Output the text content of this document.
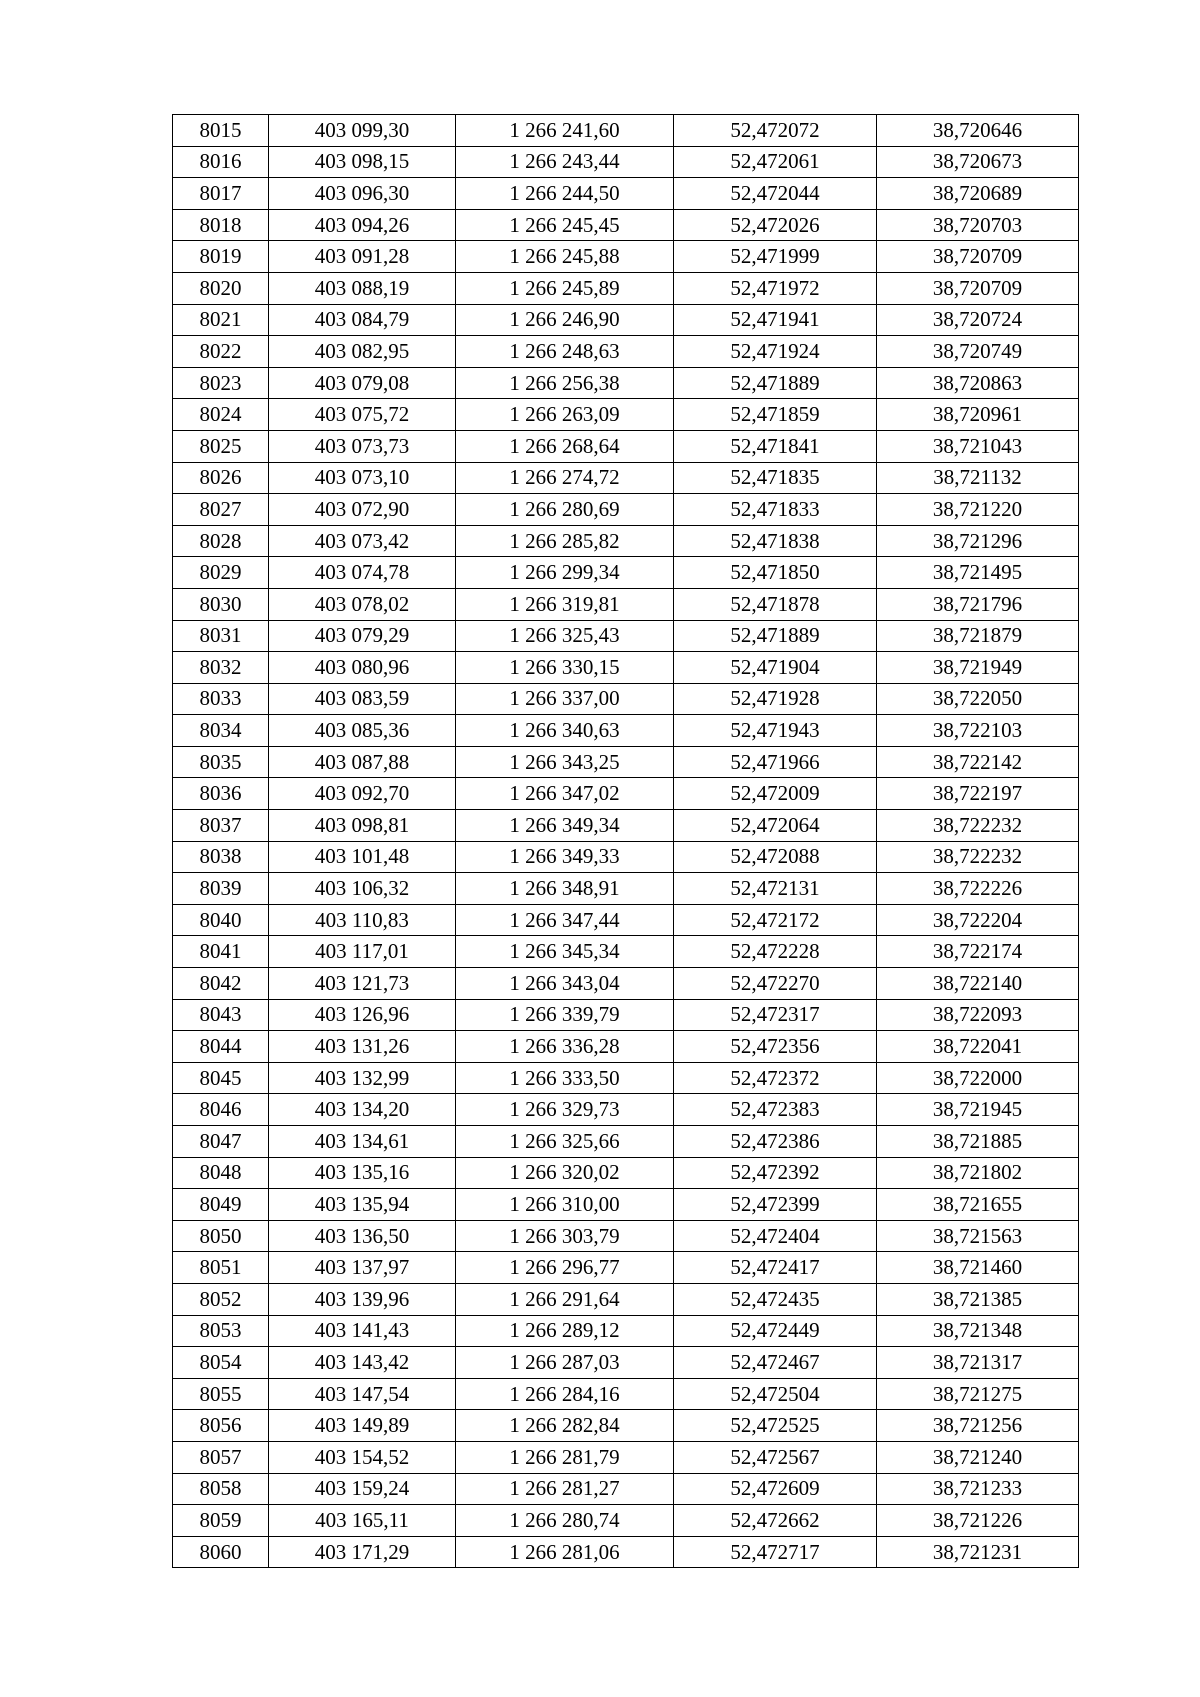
8015	403 099,30	1 266 241,60	52,472072	38,720646
8016	403 098,15	1 266 243,44	52,472061	38,720673
8017	403 096,30	1 266 244,50	52,472044	38,720689
8018	403 094,26	1 266 245,45	52,472026	38,720703
8019	403 091,28	1 266 245,88	52,471999	38,720709
8020	403 088,19	1 266 245,89	52,471972	38,720709
8021	403 084,79	1 266 246,90	52,471941	38,720724
8022	403 082,95	1 266 248,63	52,471924	38,720749
8023	403 079,08	1 266 256,38	52,471889	38,720863
8024	403 075,72	1 266 263,09	52,471859	38,720961
8025	403 073,73	1 266 268,64	52,471841	38,721043
8026	403 073,10	1 266 274,72	52,471835	38,721132
8027	403 072,90	1 266 280,69	52,471833	38,721220
8028	403 073,42	1 266 285,82	52,471838	38,721296
8029	403 074,78	1 266 299,34	52,471850	38,721495
8030	403 078,02	1 266 319,81	52,471878	38,721796
8031	403 079,29	1 266 325,43	52,471889	38,721879
8032	403 080,96	1 266 330,15	52,471904	38,721949
8033	403 083,59	1 266 337,00	52,471928	38,722050
8034	403 085,36	1 266 340,63	52,471943	38,722103
8035	403 087,88	1 266 343,25	52,471966	38,722142
8036	403 092,70	1 266 347,02	52,472009	38,722197
8037	403 098,81	1 266 349,34	52,472064	38,722232
8038	403 101,48	1 266 349,33	52,472088	38,722232
8039	403 106,32	1 266 348,91	52,472131	38,722226
8040	403 110,83	1 266 347,44	52,472172	38,722204
8041	403 117,01	1 266 345,34	52,472228	38,722174
8042	403 121,73	1 266 343,04	52,472270	38,722140
8043	403 126,96	1 266 339,79	52,472317	38,722093
8044	403 131,26	1 266 336,28	52,472356	38,722041
8045	403 132,99	1 266 333,50	52,472372	38,722000
8046	403 134,20	1 266 329,73	52,472383	38,721945
8047	403 134,61	1 266 325,66	52,472386	38,721885
8048	403 135,16	1 266 320,02	52,472392	38,721802
8049	403 135,94	1 266 310,00	52,472399	38,721655
8050	403 136,50	1 266 303,79	52,472404	38,721563
8051	403 137,97	1 266 296,77	52,472417	38,721460
8052	403 139,96	1 266 291,64	52,472435	38,721385
8053	403 141,43	1 266 289,12	52,472449	38,721348
8054	403 143,42	1 266 287,03	52,472467	38,721317
8055	403 147,54	1 266 284,16	52,472504	38,721275
8056	403 149,89	1 266 282,84	52,472525	38,721256
8057	403 154,52	1 266 281,79	52,472567	38,721240
8058	403 159,24	1 266 281,27	52,472609	38,721233
8059	403 165,11	1 266 280,74	52,472662	38,721226
8060	403 171,29	1 266 281,06	52,472717	38,721231
